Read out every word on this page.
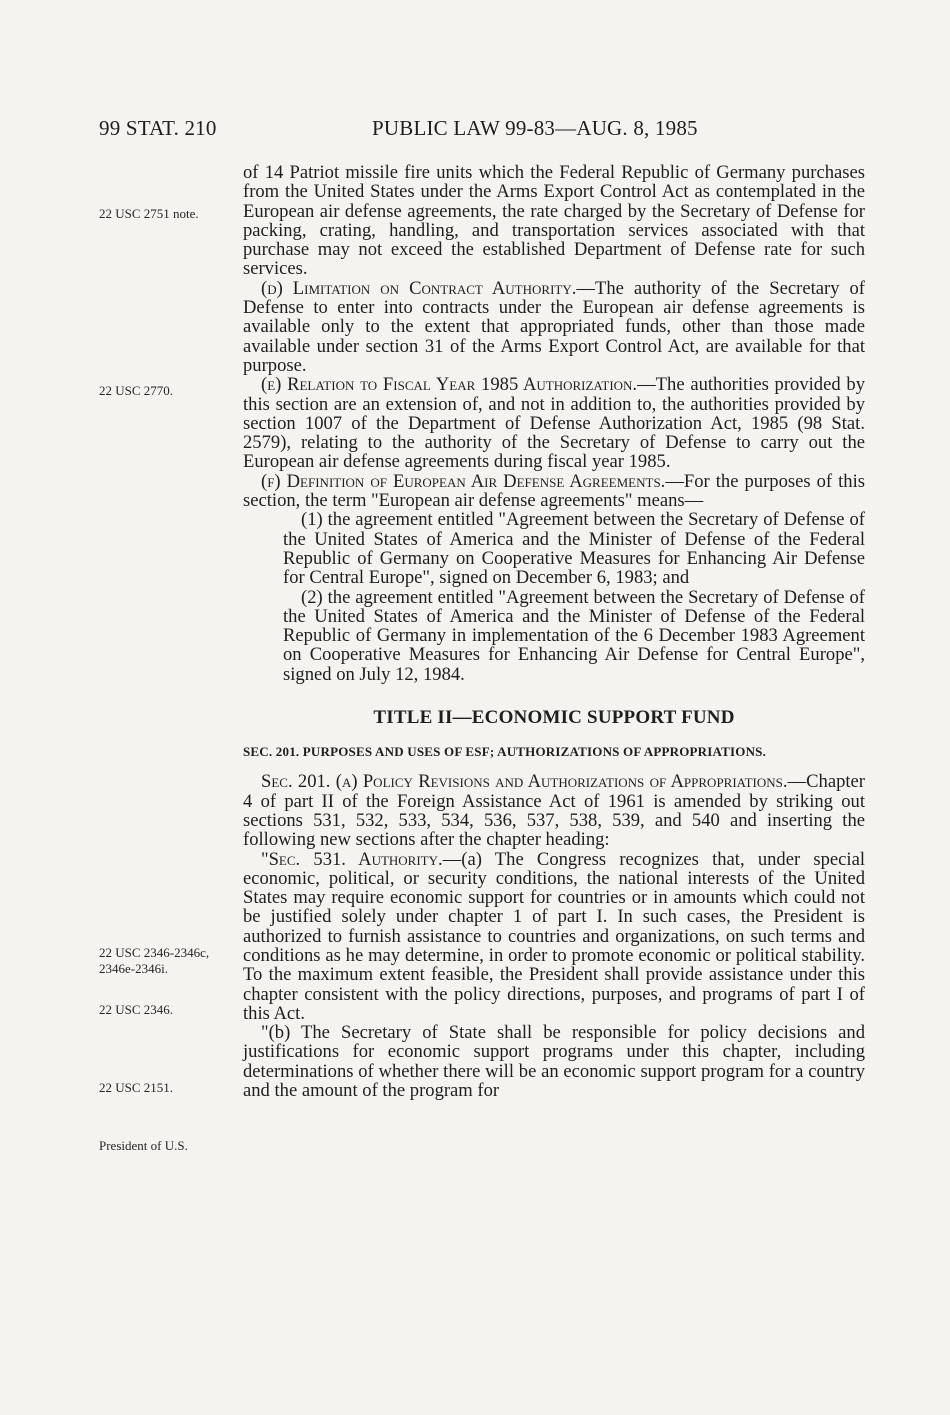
99 STAT. 210	PUBLIC LAW 99-83—AUG. 8, 1985
22 USC 2751 note.
22 USC 2770.
22 USC 2346-2346c, 2346e-2346i.
22 USC 2346.
22 USC 2151.
President of U.S.

of 14 Patriot missile fire units which the Federal Republic of Germany purchases from the United States under the Arms Export Control Act as contemplated in the European air defense agreements, the rate charged by the Secretary of Defense for packing, crating, handling, and transportation services associated with that purchase may not exceed the established Department of Defense rate for such services.

(d) Limitation on Contract Authority.—The authority of the Secretary of Defense to enter into contracts under the European air defense agreements is available only to the extent that appropriated funds, other than those made available under section 31 of the Arms Export Control Act, are available for that purpose.

(e) Relation to Fiscal Year 1985 Authorization.—The authorities provided by this section are an extension of, and not in addition to, the authorities provided by section 1007 of the Department of Defense Authorization Act, 1985 (98 Stat. 2579), relating to the authority of the Secretary of Defense to carry out the European air defense agreements during fiscal year 1985.

(f) Definition of European Air Defense Agreements.—For the purposes of this section, the term "European air defense agreements" means—

(1) the agreement entitled "Agreement between the Secretary of Defense of the United States of America and the Minister of Defense of the Federal Republic of Germany on Cooperative Measures for Enhancing Air Defense for Central Europe", signed on December 6, 1983; and

(2) the agreement entitled "Agreement between the Secretary of Defense of the United States of America and the Minister of Defense of the Federal Republic of Germany in implementation of the 6 December 1983 Agreement on Cooperative Measures for Enhancing Air Defense for Central Europe", signed on July 12, 1984.

TITLE II—ECONOMIC SUPPORT FUND
SEC. 201. PURPOSES AND USES OF ESF; AUTHORIZATIONS OF APPROPRIATIONS.

Sec. 201. (a) Policy Revisions and Authorizations of Appropriations.—Chapter 4 of part II of the Foreign Assistance Act of 1961 is amended by striking out sections 531, 532, 533, 534, 536, 537, 538, 539, and 540 and inserting the following new sections after the chapter heading:

"Sec. 531. Authority.—(a) The Congress recognizes that, under special economic, political, or security conditions, the national interests of the United States may require economic support for countries or in amounts which could not be justified solely under chapter 1 of part I. In such cases, the President is authorized to furnish assistance to countries and organizations, on such terms and conditions as he may determine, in order to promote economic or political stability. To the maximum extent feasible, the President shall provide assistance under this chapter consistent with the policy directions, purposes, and programs of part I of this Act.

"(b) The Secretary of State shall be responsible for policy decisions and justifications for economic support programs under this chapter, including determinations of whether there will be an economic support program for a country and the amount of the program for
